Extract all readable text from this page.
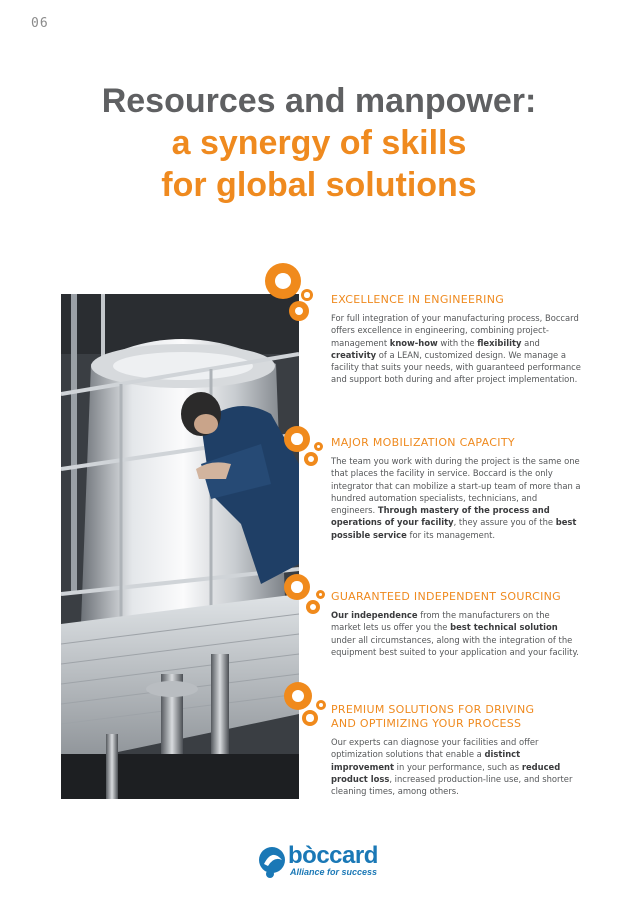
06
Resources and manpower:
a synergy of skills
for global solutions
EXCELLENCE IN ENGINEERING

For full integration of your manufacturing process, Boccard offers excellence in engineering, combining project-management know-how with the flexibility and creativity of a LEAN, customized design. We manage a facility that suits your needs, with guaranteed performance and support both during and after project implementation.

MAJOR MOBILIZATION CAPACITY

The team you work with during the project is the same one that places the facility in service. Boccard is the only integrator that can mobilize a start-up team of more than a hundred automation specialists, technicians, and engineers. Through mastery of the process and operations of your facility, they assure you of the best possible service for its management.

GUARANTEED INDEPENDENT SOURCING

Our independence from the manufacturers on the market lets us offer you the best technical solution under all circumstances, along with the integration of the equipment best suited to your application and your facility.

PREMIUM SOLUTIONS FOR DRIVING AND OPTIMIZING YOUR PROCESS

Our experts can diagnose your facilities and offer optimization solutions that enable a distinct improvement in your performance, such as reduced product loss, increased production-line use, and shorter cleaning times, among others.

bòccard
Alliance for success
